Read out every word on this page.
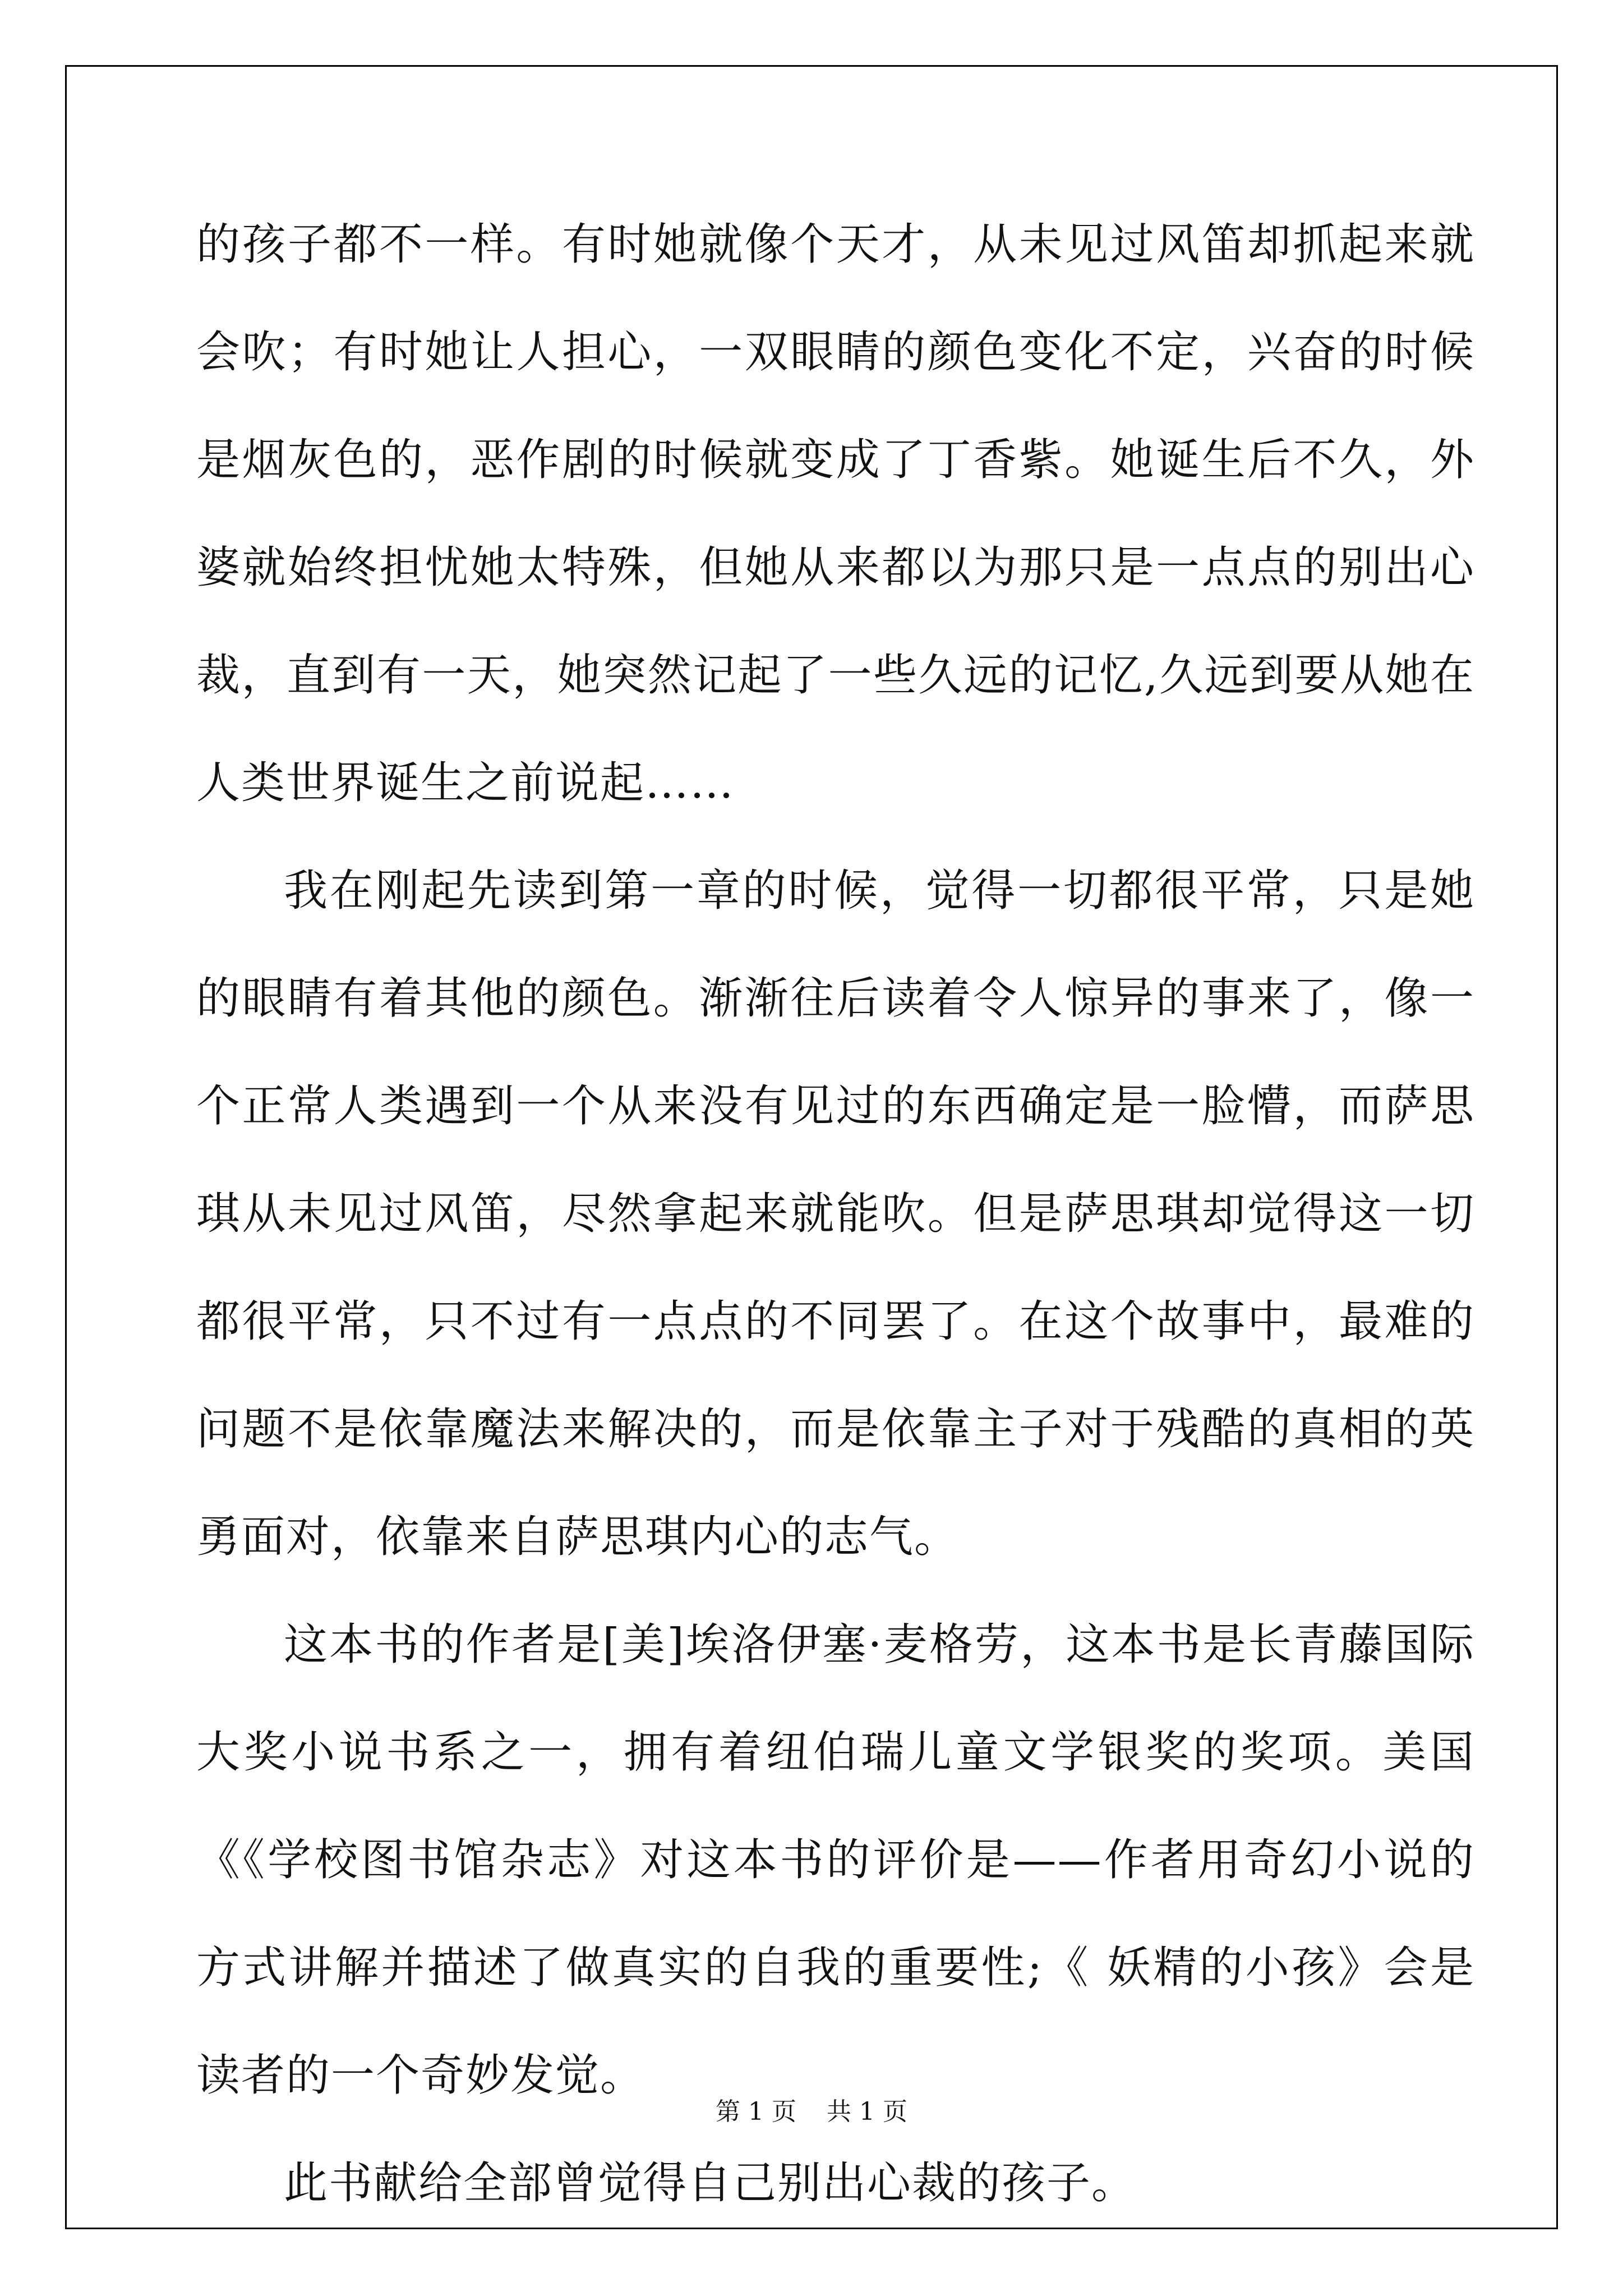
的孩子都不一样。有时她就像个天才，从未见过风笛却抓起来就会吹；有时她让人担心，一双眼睛的颜色变化不定，兴奋的时候是烟灰色的，恶作剧的时候就变成了丁香紫。她诞生后不久，外婆就始终担忧她太特殊，但她从来都以为那只是一点点的别出心裁，直到有一天，她突然记起了一些久远的记忆,久远到要从她在人类世界诞生之前说起……

我在刚起先读到第一章的时候，觉得一切都很平常，只是她的眼睛有着其他的颜色。渐渐往后读着令人惊异的事来了，像一个正常人类遇到一个从来没有见过的东西确定是一脸懵，而萨思琪从未见过风笛，尽然拿起来就能吹。但是萨思琪却觉得这一切都很平常，只不过有一点点的不同罢了。在这个故事中，最难的问题不是依靠魔法来解决的，而是依靠主子对于残酷的真相的英勇面对，依靠来自萨思琪内心的志气。

这本书的作者是[美]埃洛伊塞·麦格劳，这本书是长青藤国际大奖小说书系之一，拥有着纽伯瑞儿童文学银奖的奖项。美国《《学校图书馆杂志》对这本书的评价是——作者用奇幻小说的方式讲解并描述了做真实的自我的重要性;《 妖精的小孩》会是读者的一个奇妙发觉。

此书献给全部曾觉得自己别出心裁的孩子。

第 1 页 共 1 页
